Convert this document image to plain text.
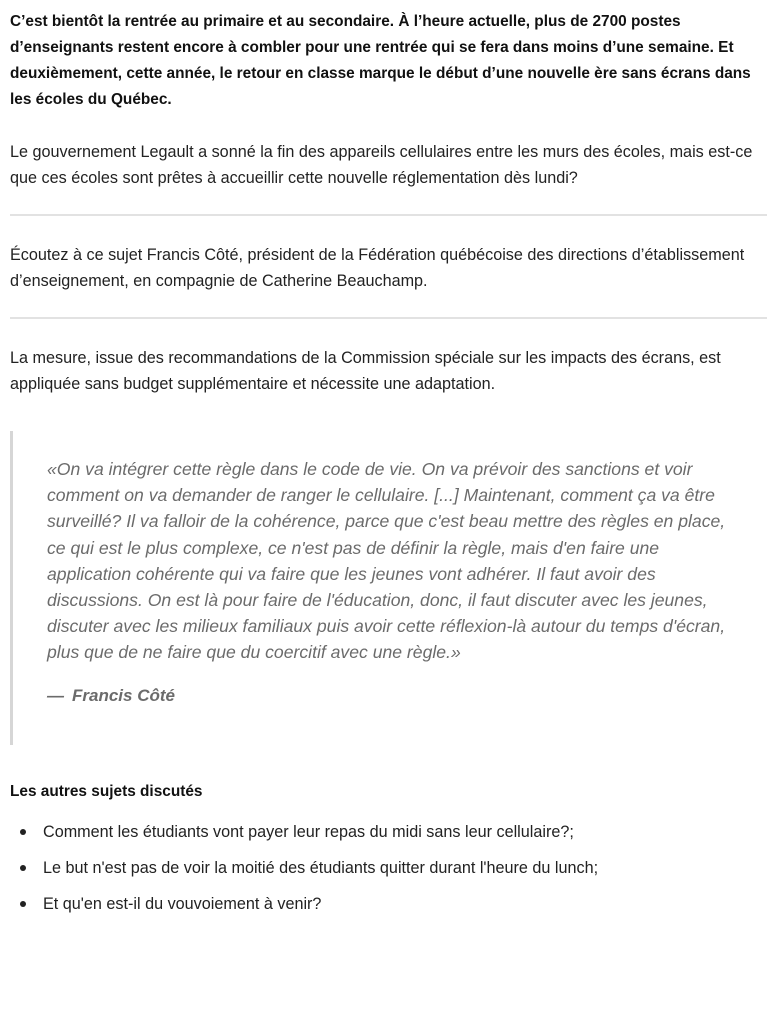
C’est bientôt la rentrée au primaire et au secondaire. À l’heure actuelle, plus de 2700 postes d’enseignants restent encore à combler pour une rentrée qui se fera dans moins d’une semaine. Et deuxièmement, cette année, le retour en classe marque le début d’une nouvelle ère sans écrans dans les écoles du Québec.

Le gouvernement Legault a sonné la fin des appareils cellulaires entre les murs des écoles, mais est-ce que ces écoles sont prêtes à accueillir cette nouvelle réglementation dès lundi?

Écoutez à ce sujet Francis Côté, président de la Fédération québécoise des directions d’établissement d’enseignement, en compagnie de Catherine Beauchamp.

La mesure, issue des recommandations de la Commission spéciale sur les impacts des écrans, est appliquée sans budget supplémentaire et nécessite une adaptation.

«On va intégrer cette règle dans le code de vie. On va prévoir des sanctions et voir comment on va demander de ranger le cellulaire. [...] Maintenant, comment ça va être surveillé? Il va falloir de la cohérence, parce que c'est beau mettre des règles en place, ce qui est le plus complexe, ce n'est pas de définir la règle, mais d'en faire une application cohérente qui va faire que les jeunes vont adhérer. Il faut avoir des discussions. On est là pour faire de l'éducation, donc, il faut discuter avec les jeunes, discuter avec les milieux familiaux puis avoir cette réflexion-là autour du temps d'écran, plus que de ne faire que du coercitif avec une règle.»

— Francis Côté

Les autres sujets discutés

Comment les étudiants vont payer leur repas du midi sans leur cellulaire?;
Le but n'est pas de voir la moitié des étudiants quitter durant l'heure du lunch;
Et qu'en est-il du vouvoiement à venir?
